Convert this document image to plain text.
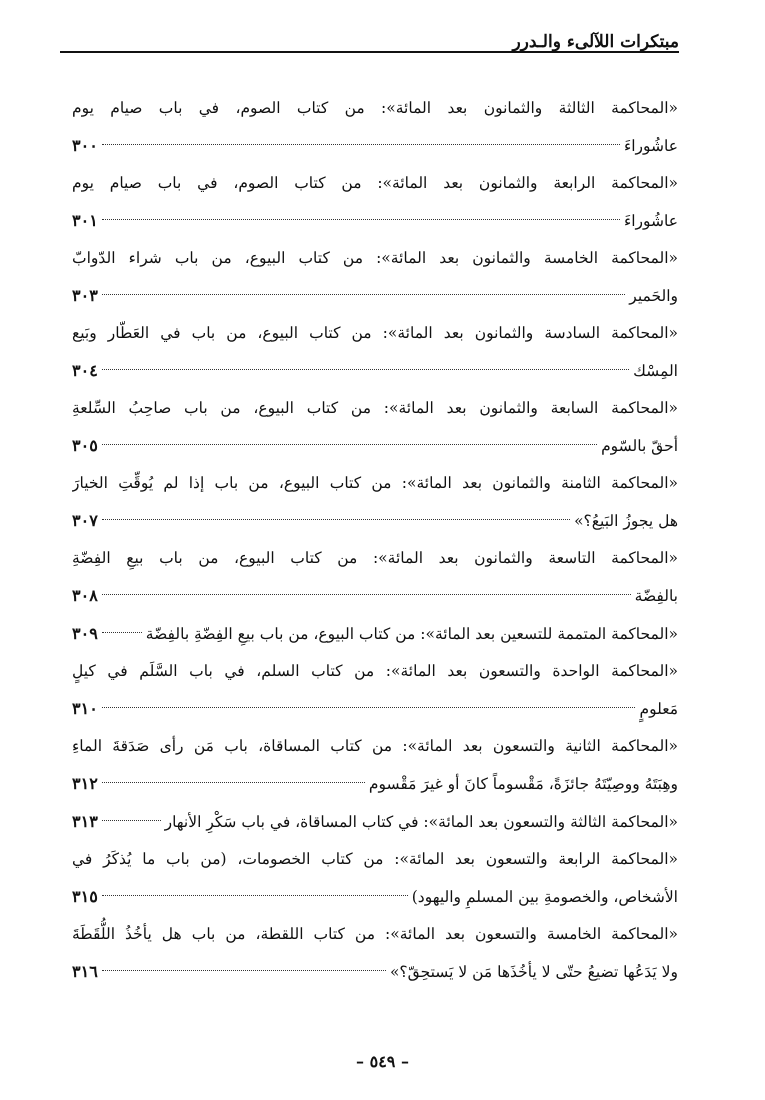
مبتكرات اللآلىء والـدرر
«المحاكمة الثالثة والثمانون بعد المائة»: من كتاب الصوم، في باب صيام يوم
عاشُوراءَ
٣٠٠
«المحاكمة الرابعة والثمانون بعد المائة»: من كتاب الصوم، في باب صيام يوم
عاشُوراءَ
٣٠١
«المحاكمة الخامسة والثمانون بعد المائة»: من كتاب البيوع، من باب شراء الدّوابّ
والحَمير
٣٠٣
«المحاكمة السادسة والثمانون بعد المائة»: من كتاب البيوع، من باب في العَطّار وبَيع
المِسْك
٣٠٤
«المحاكمة السابعة والثمانون بعد المائة»: من كتاب البيوع، من باب صاحِبُ السِّلعةِ
أحقّ بالسّوم
٣٠٥
«المحاكمة الثامنة والثمانون بعد المائة»: من كتاب البيوع، من باب إذا لم يُوقِّتِ الخيارَ
هل يجوزُ البَيعُ؟»
٣٠٧
«المحاكمة التاسعة والثمانون بعد المائة»: من كتاب البيوع، من باب بيعِ الفِضّةِ
بالفِضّة
٣٠٨
«المحاكمة المتممة للتسعين بعد المائة»: من كتاب البيوع، من باب بيعِ الفِضّةِ بالفِضّة
٣٠٩
«المحاكمة الواحدة والتسعون بعد المائة»: من كتاب السلم، في باب السَّلَم في كيلٍ
مَعلومٍ
٣١٠
«المحاكمة الثانية والتسعون بعد المائة»: من كتاب المساقاة، باب مَن رأى صَدَقةَ الماءِ
وهِبَتَهُ ووصِيّتَهُ جائزَةً، مَقْسوماً كانَ أو غيرَ مَقْسوم
٣١٢
«المحاكمة الثالثة والتسعون بعد المائة»: في كتاب المساقاة، في باب سَكْرِ الأنهار
٣١٣
«المحاكمة الرابعة والتسعون بعد المائة»: من كتاب الخصومات، (من باب ما يُذكَرُ في
الأشخاص، والخصومةِ بين المسلمِ واليهود)
٣١٥
«المحاكمة الخامسة والتسعون بعد المائة»: من كتاب اللقطة، من باب هل يأخُذُ اللُّقَطَةَ
ولا يَدَعُها تضيعُ حتّى لا يأخُذَها مَن لا يَستحِقّ؟»
٣١٦
– ٥٤٩ –
